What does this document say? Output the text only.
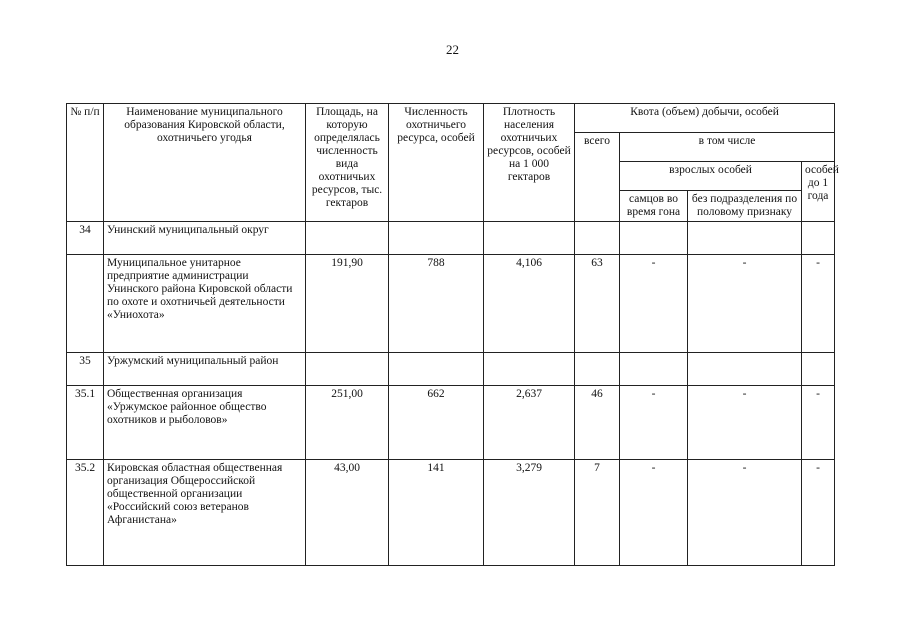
22
№ п/п	Наименование муниципального образования Кировской области, охотничьего угодья	Площадь, на которую определялась численность вида охотничьих ресурсов, тыс. гектаров	Численность охотничьего ресурса, особей	Плотность населения охотничьих ресурсов, особей на 1 000 гектаров	Квота (объем) добычи, особей			
					всего	в том числе		
						взрослых особей		особей до 1 года
						самцов во время гона	без подразделения по половому признаку	
34	Унинский муниципальный округ							
	Муниципальное унитарное предприятие администрации Унинского района Кировской области по охоте и охотничьей деятельности «Униохота»	191,90	788	4,106	63	-	-	-
35	Уржумский муниципальный район							
35.1	Общественная организация «Уржумское районное общество охотников и рыболовов»	251,00	662	2,637	46	-	-	-
35.2	Кировская областная общественная организация Общероссийской общественной организации «Российский союз ветеранов Афганистана»	43,00	141	3,279	7	-	-	-
